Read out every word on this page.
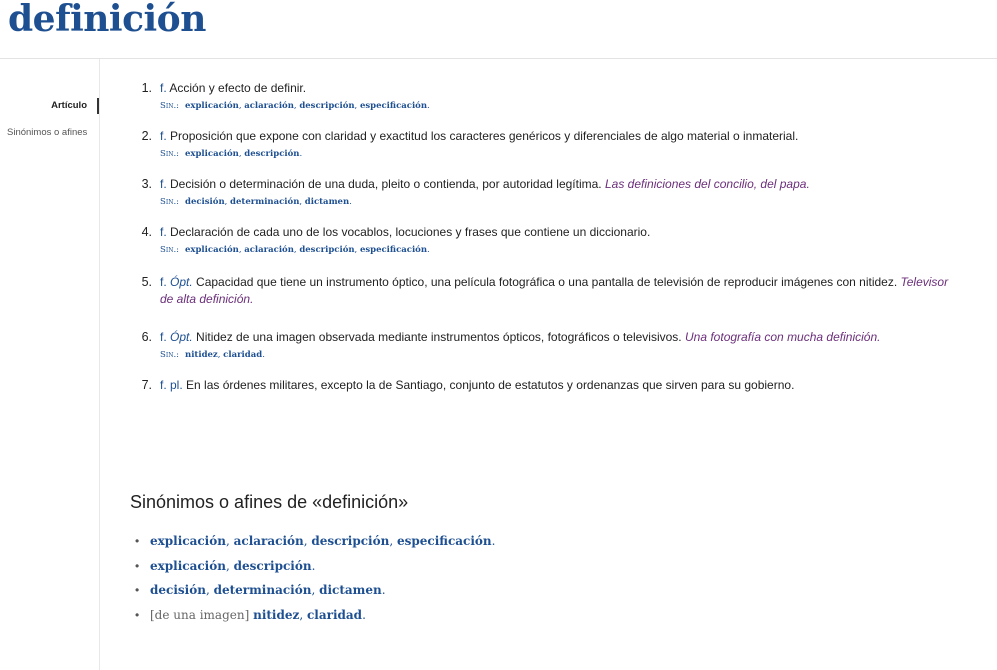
definición
Artículo
Sinónimos o afines
1. f. Acción y efecto de definir.
Sin.: explicación, aclaración, descripción, especificación.
2. f. Proposición que expone con claridad y exactitud los caracteres genéricos y diferenciales de algo material o inmaterial.
Sin.: explicación, descripción.
3. f. Decisión o determinación de una duda, pleito o contienda, por autoridad legítima. Las definiciones del concilio, del papa.
Sin.: decisión, determinación, dictamen.
4. f. Declaración de cada uno de los vocablos, locuciones y frases que contiene un diccionario.
Sin.: explicación, aclaración, descripción, especificación.
5. f. Ópt. Capacidad que tiene un instrumento óptico, una película fotográfica o una pantalla de televisión de reproducir imágenes con nitidez. Televisor de alta definición.
6. f. Ópt. Nitidez de una imagen observada mediante instrumentos ópticos, fotográficos o televisivos. Una fotografía con mucha definición.
Sin.: nitidez, claridad.
7. f. pl. En las órdenes militares, excepto la de Santiago, conjunto de estatutos y ordenanzas que sirven para su gobierno.
Sinónimos o afines de «definición»
• explicación, aclaración, descripción, especificación.
• explicación, descripción.
• decisión, determinación, dictamen.
• [de una imagen] nitidez, claridad.
